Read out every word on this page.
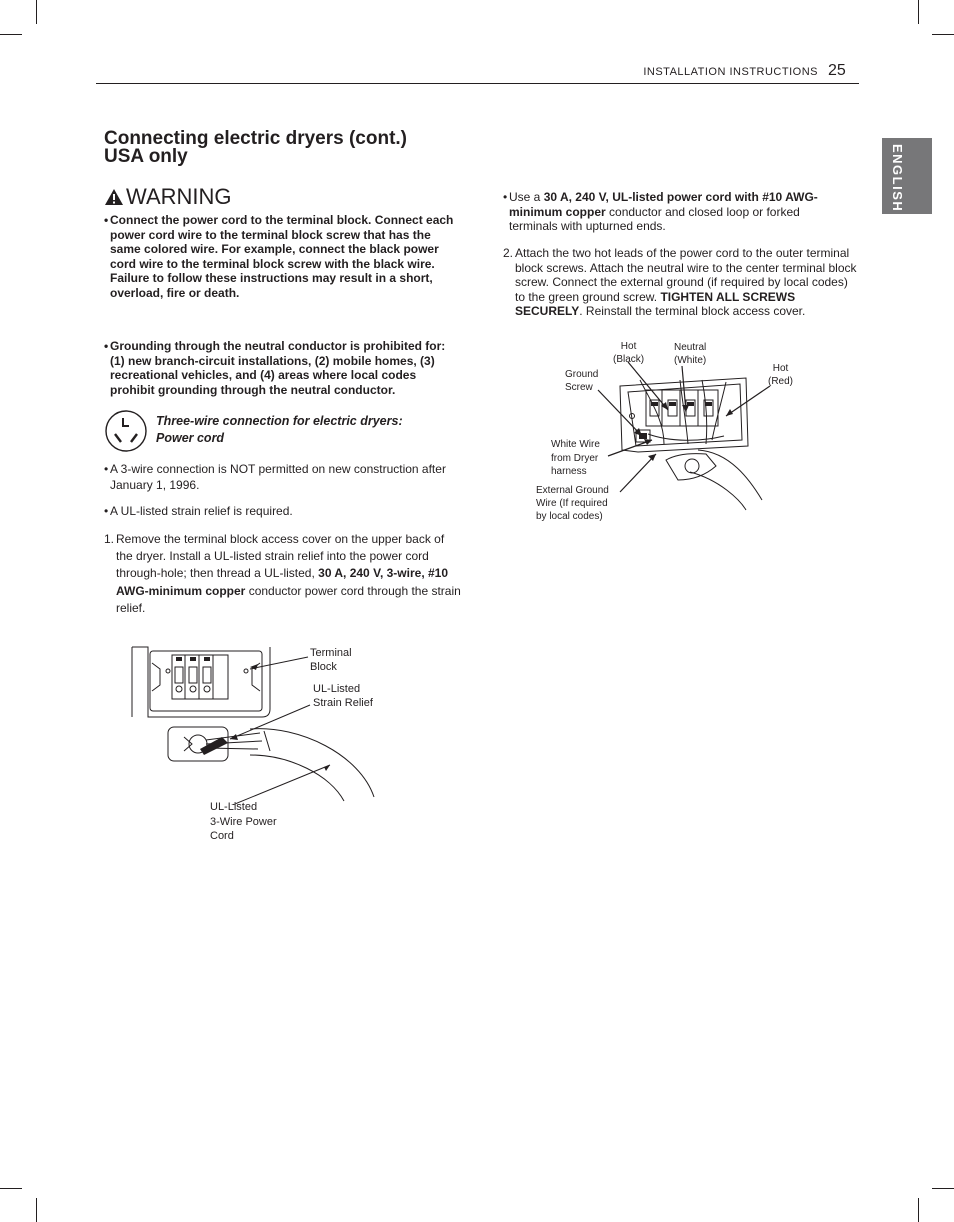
INSTALLATION INSTRUCTIONS 25
ENGLISH
Connecting electric dryers (cont.)
USA only
WARNING
• Connect the power cord to the terminal block. Connect each power cord wire to the terminal block screw that has the same colored wire. For example, connect the black power cord wire to the terminal block screw with the black wire. Failure to follow these instructions may result in a short, overload, fire or death.
• Grounding through the neutral conductor is prohibited for: (1) new branch-circuit installations, (2) mobile homes, (3) recreational vehicles, and (4) areas where local codes prohibit grounding through the neutral conductor.
Three-wire connection for electric dryers:
Power cord
• A 3-wire connection is NOT permitted on new construction after January 1, 1996.
• A UL-listed strain relief is required.
1. Remove the terminal block access cover on the upper back of the dryer. Install a UL-listed strain relief into the power cord through-hole; then thread a UL-listed, 30 A, 240 V, 3-wire, #10 AWG-minimum copper conductor power cord through the strain relief.
• Use a 30 A, 240 V, UL-listed power cord with #10 AWG-minimum copper conductor and closed loop or forked terminals with upturned ends.
2. Attach the two hot leads of the power cord to the outer terminal block screws. Attach the neutral wire to the center terminal block screw. Connect the external ground (if required by local codes) to the green ground screw. TIGHTEN ALL SCREWS SECURELY. Reinstall the terminal block access cover.
Terminal
Block
UL-Listed
Strain Relief
UL-Listed
3-Wire Power
Cord
Hot
(Black)
Neutral
(White)
Hot
(Red)
Ground
Screw
White Wire
from Dryer
harness
External Ground
Wire (If required
by local codes)
